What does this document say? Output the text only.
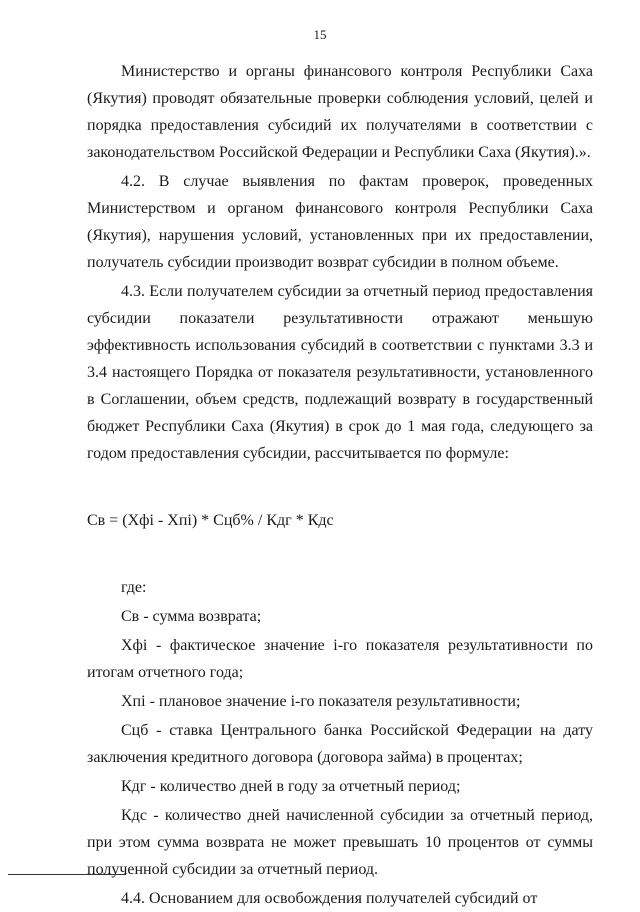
15

Министерство и органы финансового контроля Республики Саха (Якутия) проводят обязательные проверки соблюдения условий, целей и порядка предоставления субсидий их получателями в соответствии с законодательством Российской Федерации и Республики Саха (Якутия).».

4.2. В случае выявления по фактам проверок, проведенных Министерством и органом финансового контроля Республики Саха (Якутия), нарушения условий, установленных при их предоставлении, получатель субсидии производит возврат субсидии в полном объеме.

4.3. Если получателем субсидии за отчетный период предоставления субсидии показатели результативности отражают меньшую эффективность использования субсидий в соответствии с пунктами 3.3 и 3.4 настоящего Порядка от показателя результативности, установленного в Соглашении, объем средств, подлежащий возврату в государственный бюджет Республики Саха (Якутия) в срок до 1 мая года, следующего за годом предоставления субсидии, рассчитывается по формуле:

Св = (Хфi - Хпi) * Сцб% / Кдг * Кдс

где:

Св - сумма возврата;

Хфi - фактическое значение i-го показателя результативности по итогам отчетного года;

Хпi - плановое значение i-го показателя результативности;

Сцб - ставка Центрального банка Российской Федерации на дату заключения кредитного договора (договора займа) в процентах;

Кдг - количество дней в году за отчетный период;

Кдс - количество дней начисленной субсидии за отчетный период, при этом сумма возврата не может превышать 10 процентов от суммы полученной субсидии за отчетный период.

4.4. Основанием для освобождения получателей субсидий от
